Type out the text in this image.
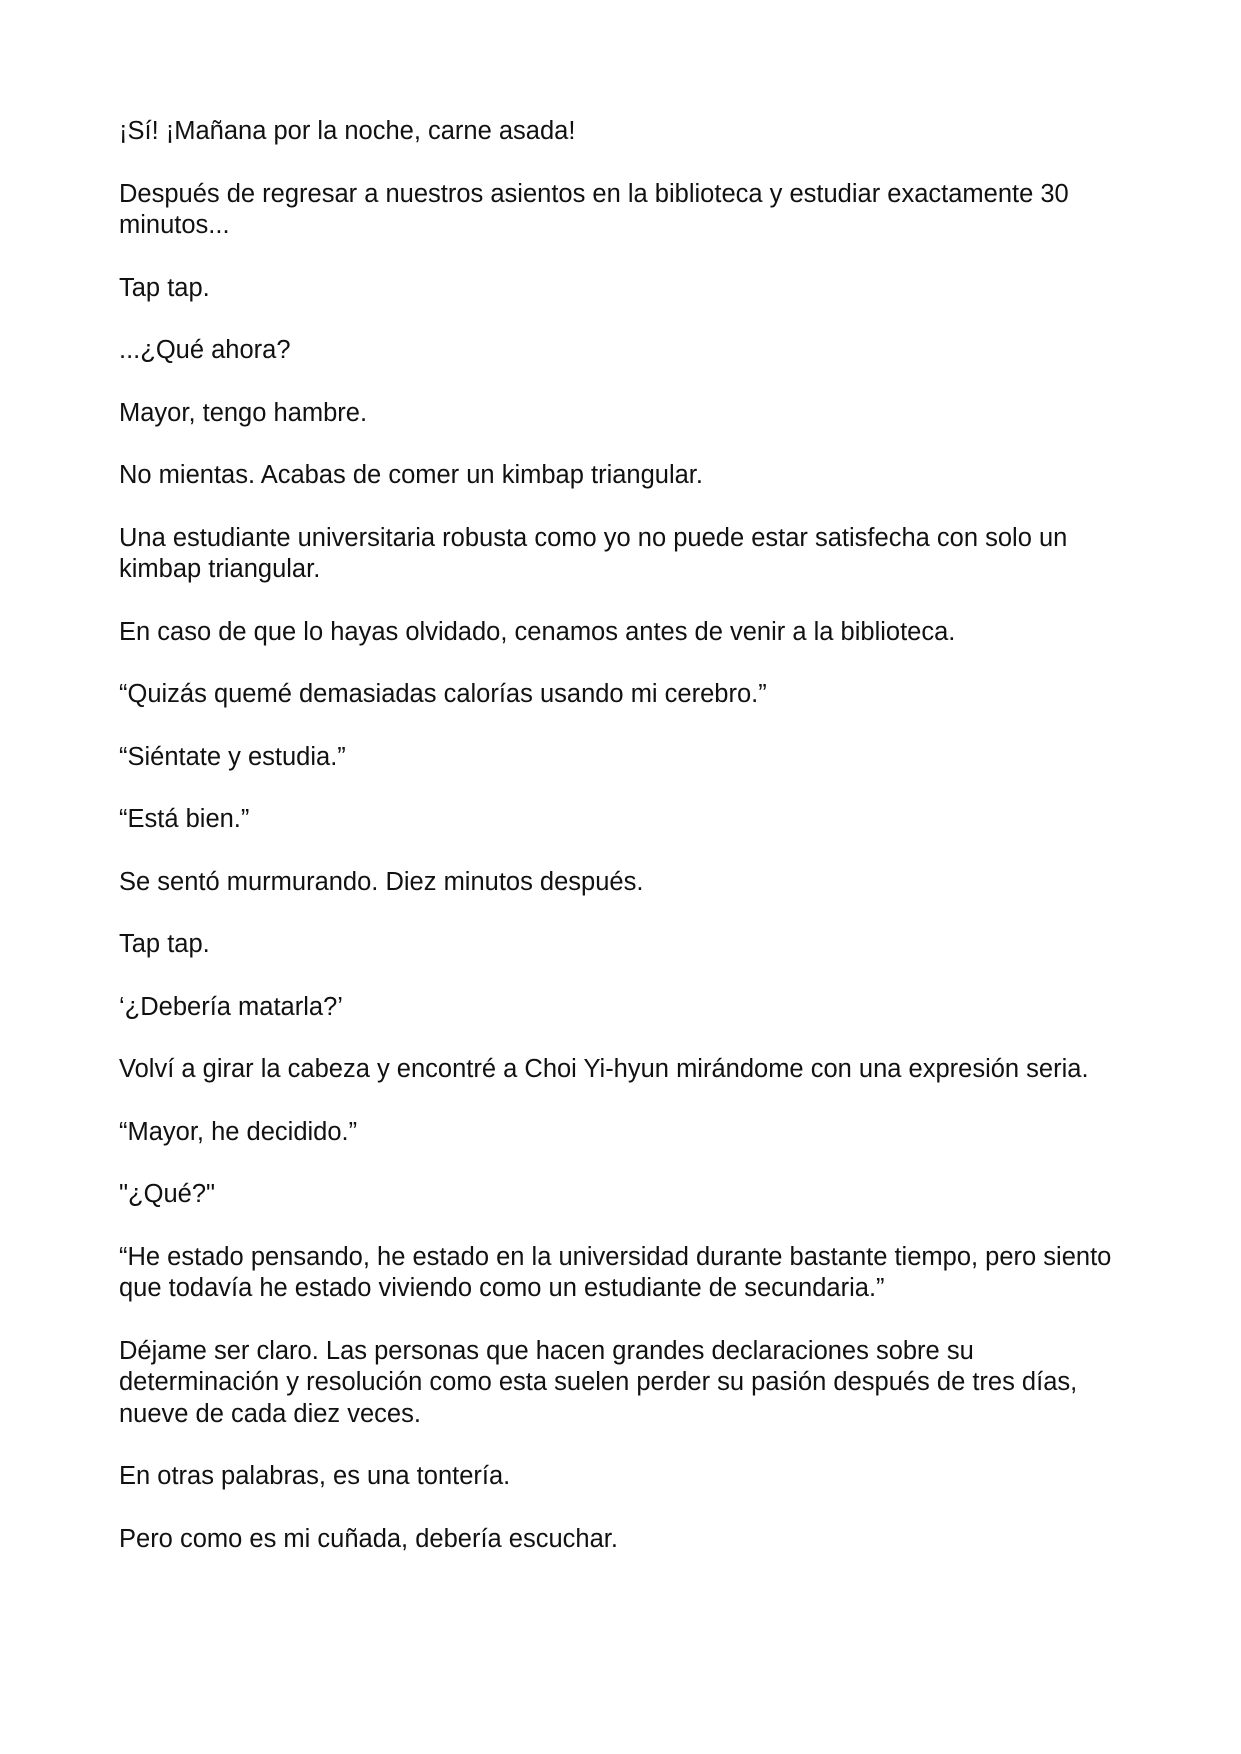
¡Sí! ¡Mañana por la noche, carne asada!

Después de regresar a nuestros asientos en la biblioteca y estudiar exactamente 30 minutos...

Tap tap.

...¿Qué ahora?

Mayor, tengo hambre.

No mientas. Acabas de comer un kimbap triangular.

Una estudiante universitaria robusta como yo no puede estar satisfecha con solo un kimbap triangular.

En caso de que lo hayas olvidado, cenamos antes de venir a la biblioteca.

“Quizás quemé demasiadas calorías usando mi cerebro.”

“Siéntate y estudia.”

“Está bien.”

Se sentó murmurando. Diez minutos después.

Tap tap.

‘¿Debería matarla?’

Volví a girar la cabeza y encontré a Choi Yi-hyun mirándome con una expresión seria.

“Mayor, he decidido.”

"¿Qué?"

“He estado pensando, he estado en la universidad durante bastante tiempo, pero siento que todavía he estado viviendo como un estudiante de secundaria.”

Déjame ser claro. Las personas que hacen grandes declaraciones sobre su determinación y resolución como esta suelen perder su pasión después de tres días, nueve de cada diez veces.

En otras palabras, es una tontería.

Pero como es mi cuñada, debería escuchar.
